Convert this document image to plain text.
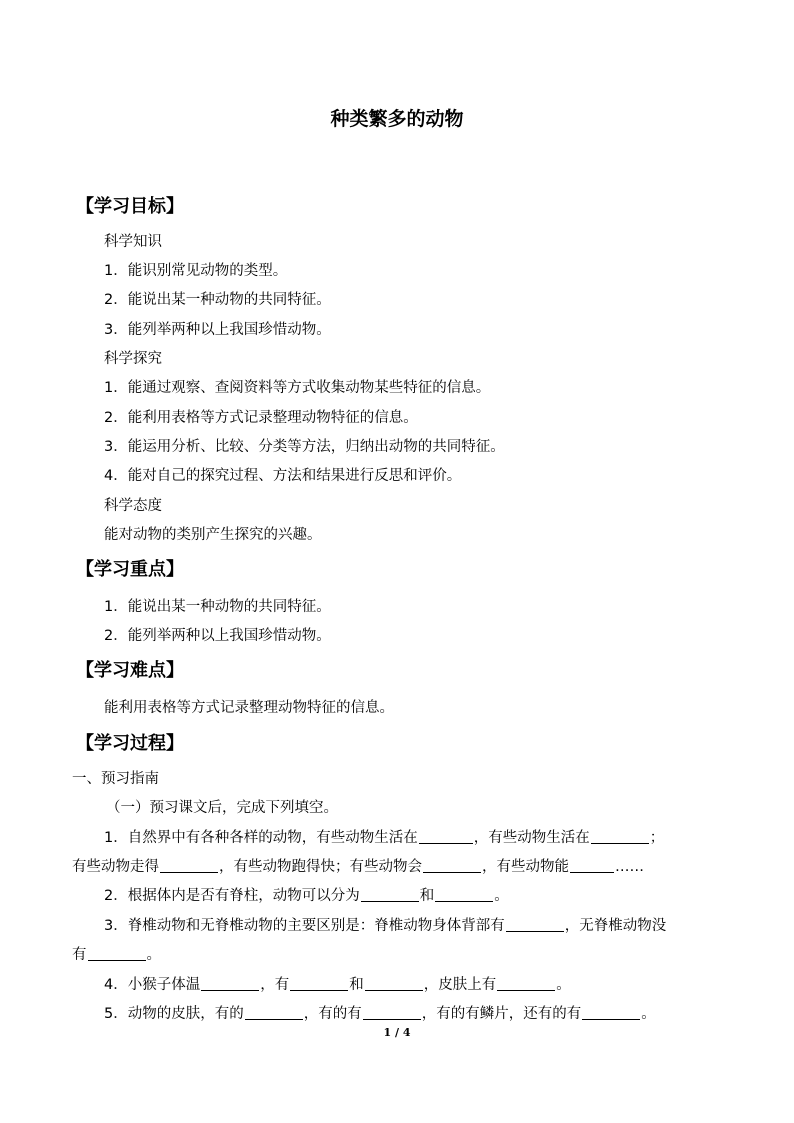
种类繁多的动物
【学习目标】
科学知识
1．能识别常见动物的类型。
2．能说出某一种动物的共同特征。
3．能列举两种以上我国珍惜动物。
科学探究
1．能通过观察、查阅资料等方式收集动物某些特征的信息。
2．能利用表格等方式记录整理动物特征的信息。
3．能运用分析、比较、分类等方法，归纳出动物的共同特征。
4．能对自己的探究过程、方法和结果进行反思和评价。
科学态度
能对动物的类别产生探究的兴趣。
【学习重点】
1．能说出某一种动物的共同特征。
2．能列举两种以上我国珍惜动物。
【学习难点】
能利用表格等方式记录整理动物特征的信息。
【学习过程】
一、预习指南
（一）预习课文后，完成下列填空。
1．自然界中有各种各样的动物，有些动物生活在	，有些动物生活在	；
有些动物走得	，有些动物跑得快；有些动物会	，有些动物能	……
2．根据体内是否有脊柱，动物可以分为	和	。
3．脊椎动物和无脊椎动物的主要区别是：脊椎动物身体背部有	，无脊椎动物没
有	。
4．小猴子体温	，有	和	，皮肤上有	。
5．动物的皮肤，有的	，有的有	，有的有鳞片，还有的有	。
1 / 4
